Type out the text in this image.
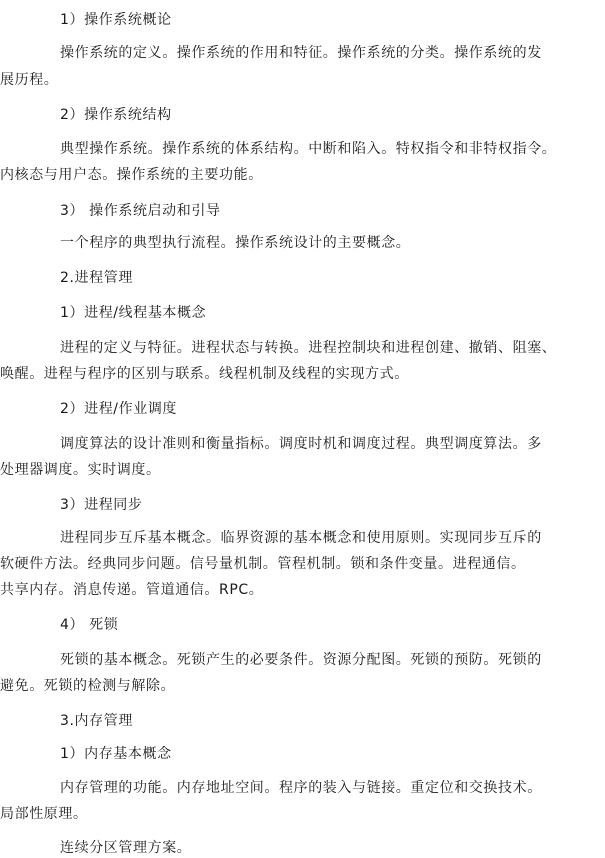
1）操作系统概论
操作系统的定义。操作系统的作用和特征。操作系统的分类。操作系统的发
展历程。
2）操作系统结构
典型操作系统。操作系统的体系结构。中断和陷入。特权指令和非特权指令。
内核态与用户态。操作系统的主要功能。
3） 操作系统启动和引导
一个程序的典型执行流程。操作系统设计的主要概念。
2.进程管理
1）进程/线程基本概念
进程的定义与特征。进程状态与转换。进程控制块和进程创建、撤销、阻塞、
唤醒。进程与程序的区别与联系。线程机制及线程的实现方式。
2）进程/作业调度
调度算法的设计准则和衡量指标。调度时机和调度过程。典型调度算法。多
处理器调度。实时调度。
3）进程同步
进程同步互斥基本概念。临界资源的基本概念和使用原则。实现同步互斥的
软硬件方法。经典同步问题。信号量机制。管程机制。锁和条件变量。进程通信。
共享内存。消息传递。管道通信。RPC。
4） 死锁
死锁的基本概念。死锁产生的必要条件。资源分配图。死锁的预防。死锁的
避免。死锁的检测与解除。
3.内存管理
1）内存基本概念
内存管理的功能。内存地址空间。程序的装入与链接。重定位和交换技术。
局部性原理。
连续分区管理方案。
